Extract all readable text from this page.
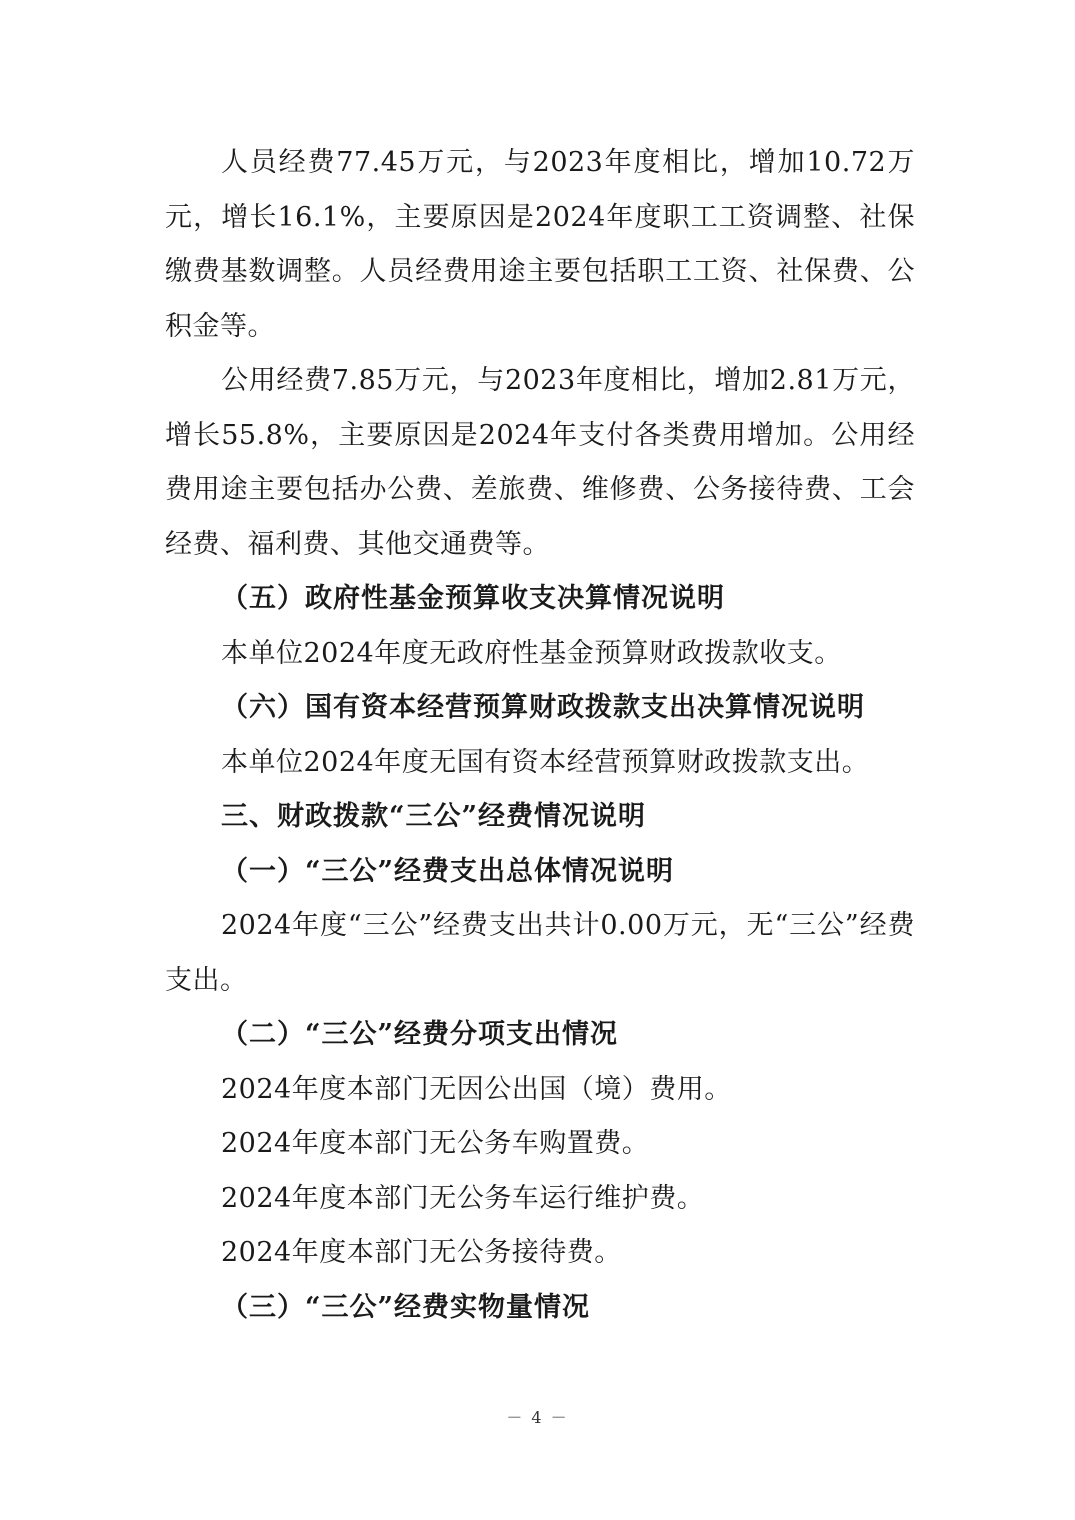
人员经费77.45万元，与2023年度相比，增加10.72万元，增长16.1%，主要原因是2024年度职工工资调整、社保缴费基数调整。人员经费用途主要包括职工工资、社保费、公积金等。

公用经费7.85万元，与2023年度相比，增加2.81万元，增长55.8%，主要原因是2024年支付各类费用增加。公用经费用途主要包括办公费、差旅费、维修费、公务接待费、工会经费、福利费、其他交通费等。

（五）政府性基金预算收支决算情况说明

本单位2024年度无政府性基金预算财政拨款收支。

（六）国有资本经营预算财政拨款支出决算情况说明

本单位2024年度无国有资本经营预算财政拨款支出。

三、财政拨款“三公”经费情况说明

（一）“三公”经费支出总体情况说明

2024年度“三公”经费支出共计0.00万元，无“三公”经费支出。

（二）“三公”经费分项支出情况

2024年度本部门无因公出国（境）费用。

2024年度本部门无公务车购置费。

2024年度本部门无公务车运行维护费。

2024年度本部门无公务接待费。

（三）“三公”经费实物量情况

－ 4 －
